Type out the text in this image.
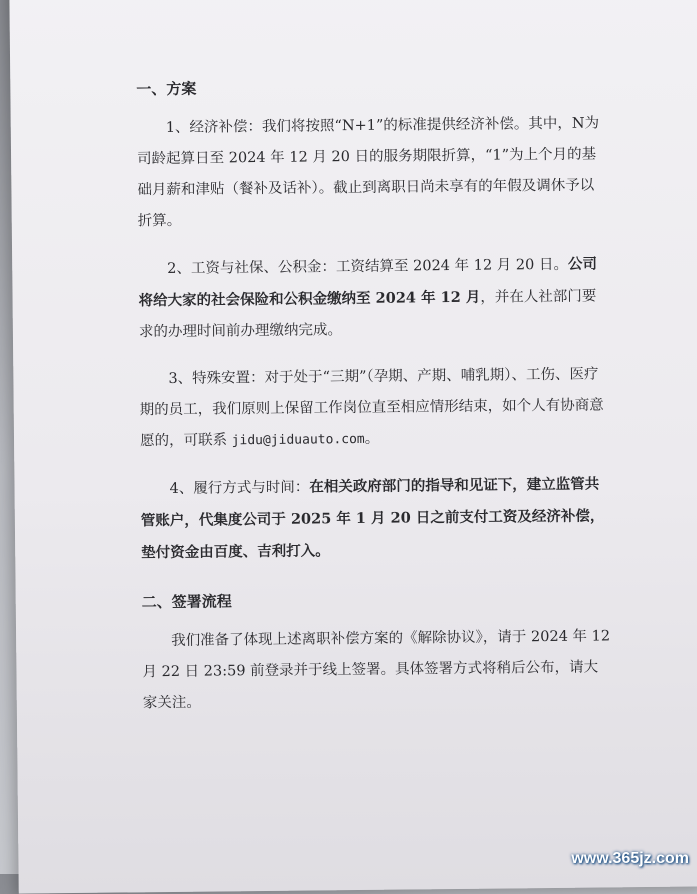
一、方案

1、经济补偿：我们将按照“N+1”的标准提供经济补偿。其中，N为司龄起算日至 2024 年 12 月 20 日的服务期限折算，“1”为上个月的基础月薪和津贴（餐补及话补）。截止到离职日尚未享有的年假及调休予以折算。

2、工资与社保、公积金：工资结算至 2024 年 12 月 20 日。公司将给大家的社会保险和公积金缴纳至 2024 年 12 月，并在人社部门要求的办理时间前办理缴纳完成。

3、特殊安置：对于处于“三期”（孕期、产期、哺乳期）、工伤、医疗期的员工，我们原则上保留工作岗位直至相应情形结束，如个人有协商意愿的，可联系 jidu@jiduauto.com。

4、履行方式与时间：在相关政府部门的指导和见证下，建立监管共管账户，代集度公司于 2025 年 1 月 20 日之前支付工资及经济补偿，垫付资金由百度、吉利打入。

二、签署流程

我们准备了体现上述离职补偿方案的《解除协议》，请于 2024 年 12 月 22 日 23:59 前登录并于线上签署。具体签署方式将稍后公布，请大家关注。

www.365jz.com
